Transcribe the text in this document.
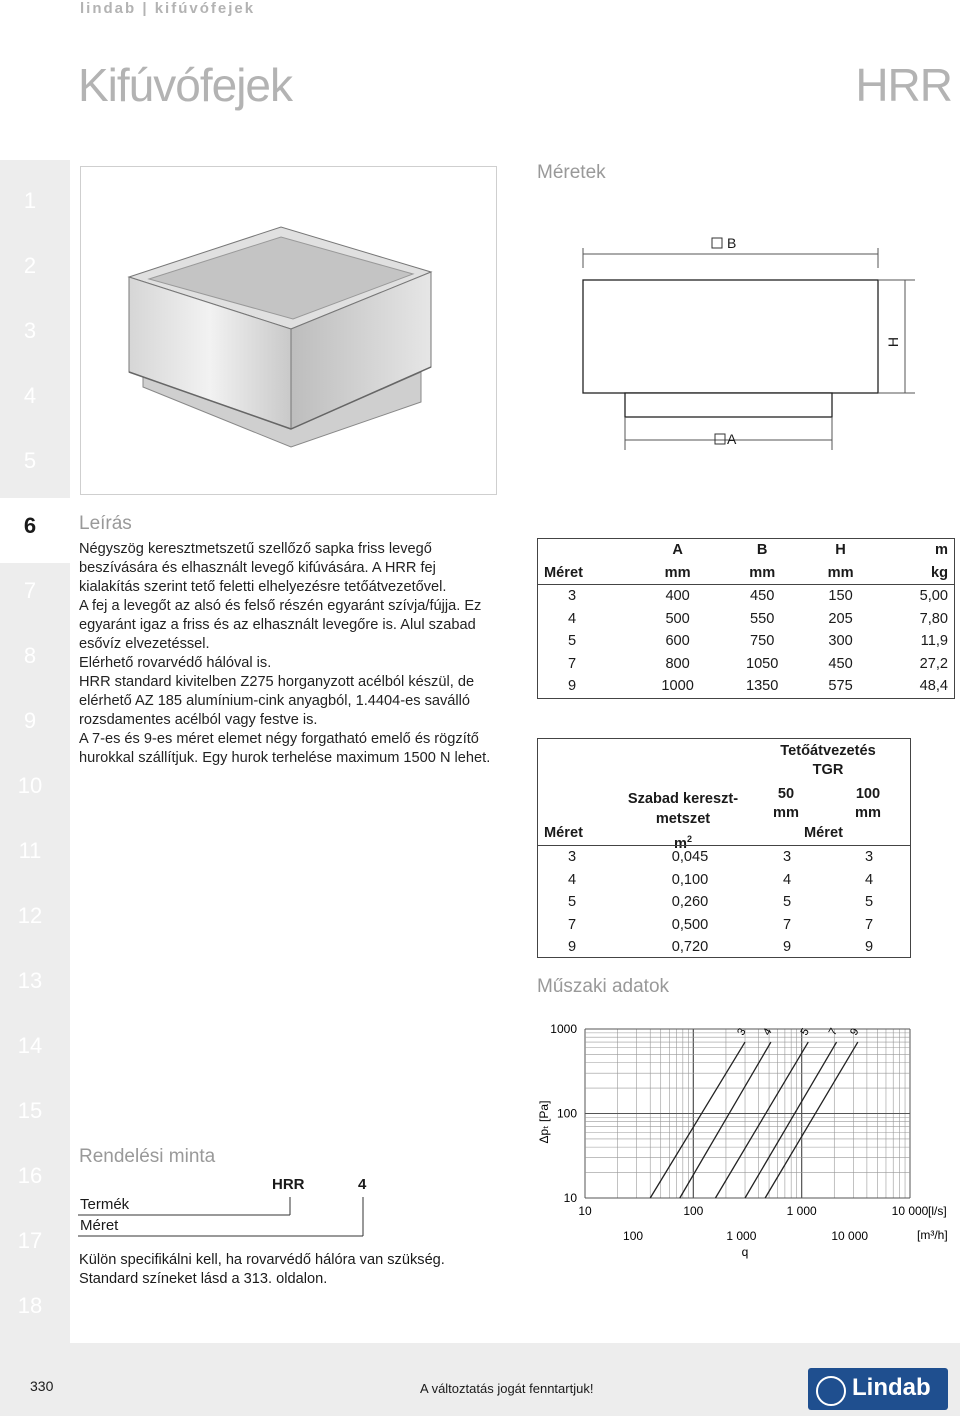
lindab | kifúvófejek
Kifúvófejek	HRR
1
2
3
4
5
6
7
8
9
10
11
12
13
14
15
16
17
18
Méretek
B
H
A
Leírás

Négyszög keresztmetszetű szellőző sapka friss levegő beszívására és elhasznált levegő kifúvására. A HRR fej kialakítás szerint tető feletti elhelyezésre tetőátvezetővel.

A fej a levegőt az alsó és felső részén egyaránt szívja/fújja. Ez egyaránt igaz a friss és az elhasznált levegőre is. Alul szabad esővíz elvezetéssel.

Elérhető rovarvédő hálóval is.

HRR standard kivitelben Z275 horganyzott acélból készül, de elérhető AZ 185 alumínium-cink anyagból, 1.4404-es saválló rozsdamentes acélból vagy festve is.

A 7-es és 9-es méret elemet négy forgatható emelő és rögzítő hurokkal szállítjuk. Egy hurok terhelése maximum 1500 N lehet.

	A	B	H	m
Méret	mm	mm	mm	kg
3	400	450	150	5,00
4	500	550	205	7,80
5	600	750	300	11,9
7	800	1050	450	27,2
9	1000	1350	575	48,4
Tetőátvezetés
TGR
50
mm
100
mm
Szabad kereszt-
metszet
$m^2$
Méret	Méret
3	0,045	3	3
4	0,100	4	4
5	0,260	5	5
7	0,500	7	7
9	0,720	9	9
Műszaki adatok
3 4 5 7 9
1000
100
10
10	100	1 000	10 000
100	1 000	10 000
[l/s]
[m³/h]
q
Δpₜ [Pa]
Rendelési minta
HRR	4
Termék
Méret
Külön specifikálni kell, ha rovarvédő hálóra van szükség.
Standard színeket lásd a 313. oldalon.
330	A változtatás jogát fenntartjuk!	Lindab
